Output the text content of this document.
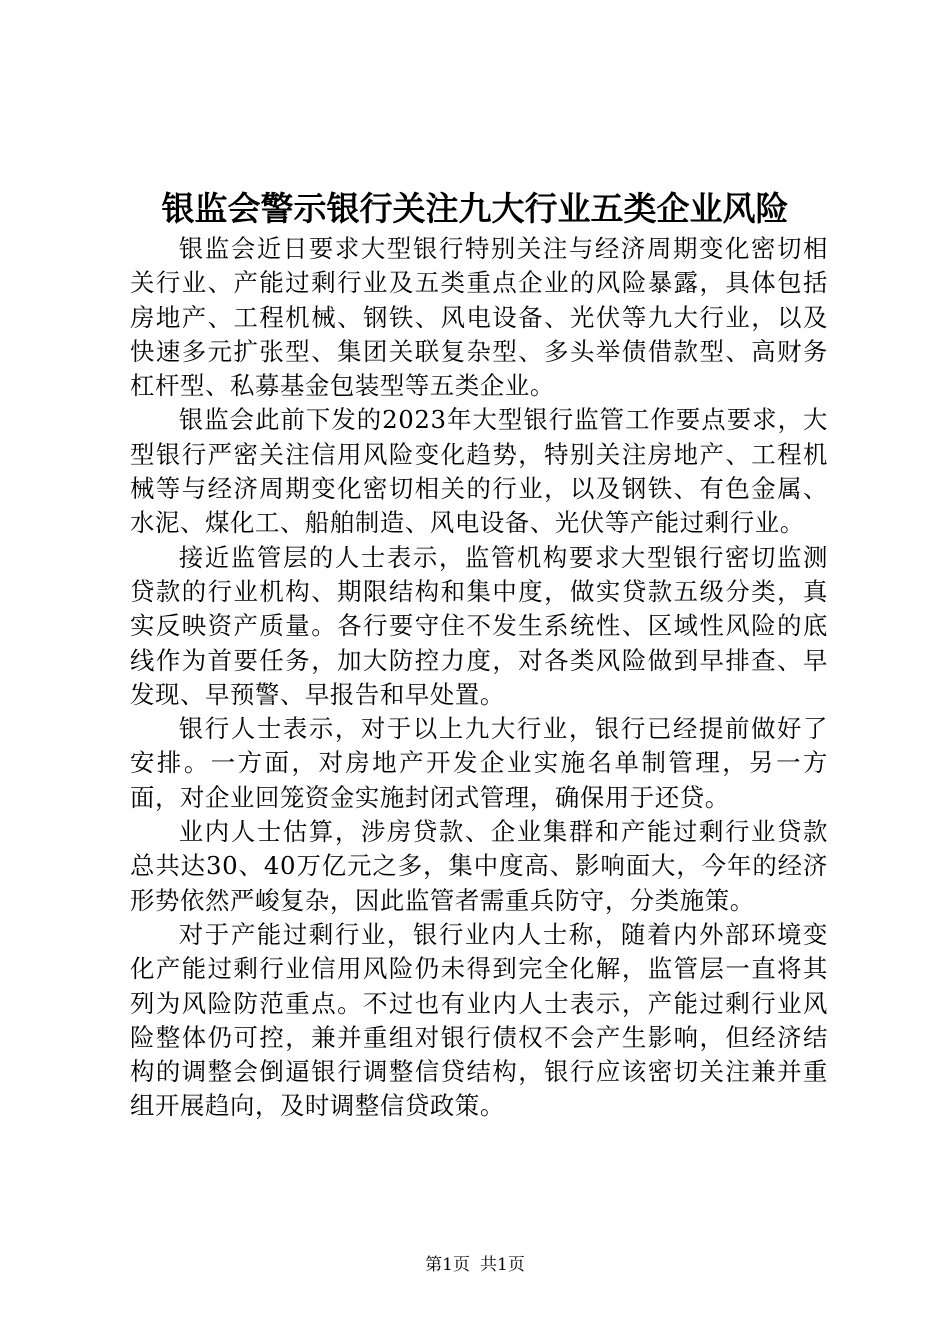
银监会警示银行关注九大行业五类企业风险

银监会近日要求大型银行特别关注与经济周期变化密切相关行业、产能过剩行业及五类重点企业的风险暴露，具体包括房地产、工程机械、钢铁、风电设备、光伏等九大行业，以及快速多元扩张型、集团关联复杂型、多头举债借款型、高财务杠杆型、私募基金包装型等五类企业。

银监会此前下发的2023年大型银行监管工作要点要求，大型银行严密关注信用风险变化趋势，特别关注房地产、工程机械等与经济周期变化密切相关的行业，以及钢铁、有色金属、水泥、煤化工、船舶制造、风电设备、光伏等产能过剩行业。

接近监管层的人士表示，监管机构要求大型银行密切监测贷款的行业机构、期限结构和集中度，做实贷款五级分类，真实反映资产质量。各行要守住不发生系统性、区域性风险的底线作为首要任务，加大防控力度，对各类风险做到早排查、早发现、早预警、早报告和早处置。

银行人士表示，对于以上九大行业，银行已经提前做好了安排。一方面，对房地产开发企业实施名单制管理，另一方面，对企业回笼资金实施封闭式管理，确保用于还贷。

业内人士估算，涉房贷款、企业集群和产能过剩行业贷款总共达30、40万亿元之多，集中度高、影响面大，今年的经济形势依然严峻复杂，因此监管者需重兵防守，分类施策。

对于产能过剩行业，银行业内人士称，随着内外部环境变化产能过剩行业信用风险仍未得到完全化解，监管层一直将其列为风险防范重点。不过也有业内人士表示，产能过剩行业风险整体仍可控，兼并重组对银行债权不会产生影响，但经济结构的调整会倒逼银行调整信贷结构，银行应该密切关注兼并重组开展趋向，及时调整信贷政策。

第1页 共1页
